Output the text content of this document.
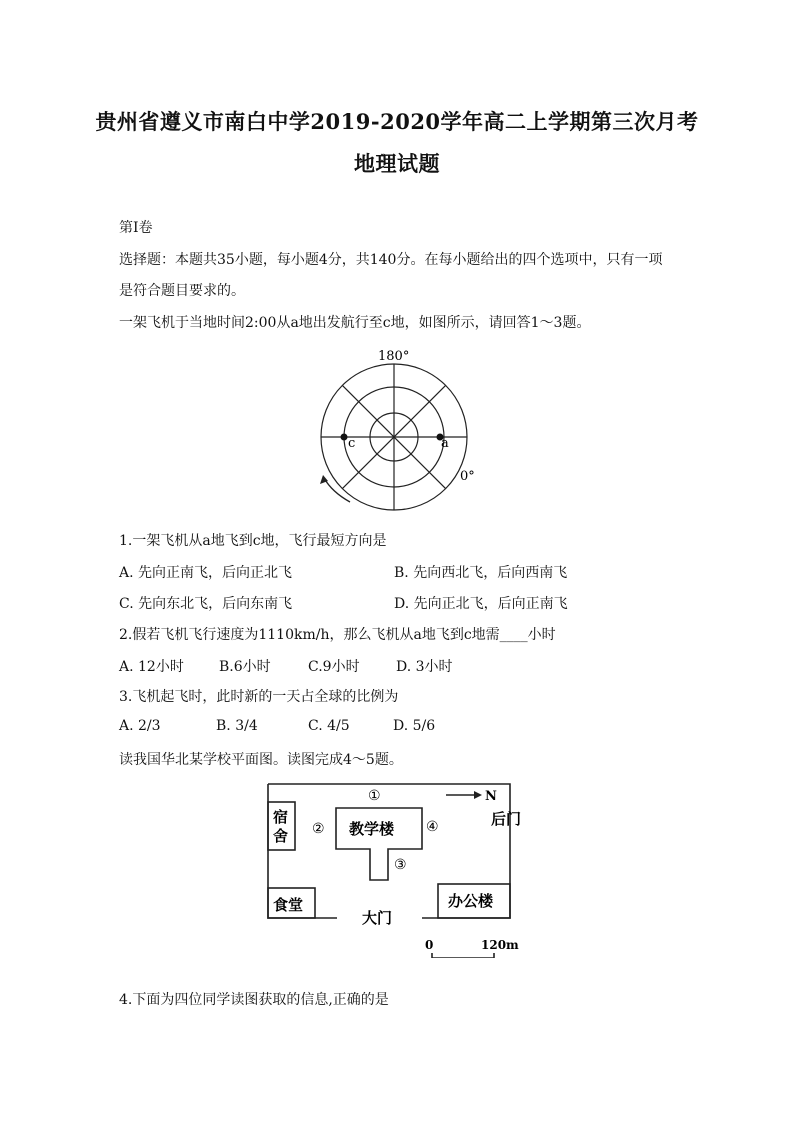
贵州省遵义市南白中学2019-2020学年高二上学期第三次月考
地理试题
第Ⅰ卷
选择题：本题共35小题，每小题4分，共140分。在每小题给出的四个选项中，只有一项
是符合题目要求的。
一架飞机于当地时间2:00从a地出发航行至c地，如图所示，请回答1～3题。
180°
0°
c	a
1.一架飞机从a地飞到c地，飞行最短方向是
A. 先向正南飞，后向正北飞	B. 先向西北飞，后向西南飞
C. 先向东北飞，后向东南飞	D. 先向正北飞，后向正南飞
2.假若飞机飞行速度为1110km/h，那么飞机从a地飞到c地需____小时
A. 12小时	B.6小时	C.9小时	D. 3小时
3.飞机起飞时，此时新的一天占全球的比例为
A. 2/3	B. 3/4	C. 4/5	D. 5/6
读我国华北某学校平面图。读图完成4～5题。
N
①
②
③
④
宿
舍	教学楼
后门
食堂
大门
办公楼
0	120m
4.下面为四位同学读图获取的信息,正确的是
